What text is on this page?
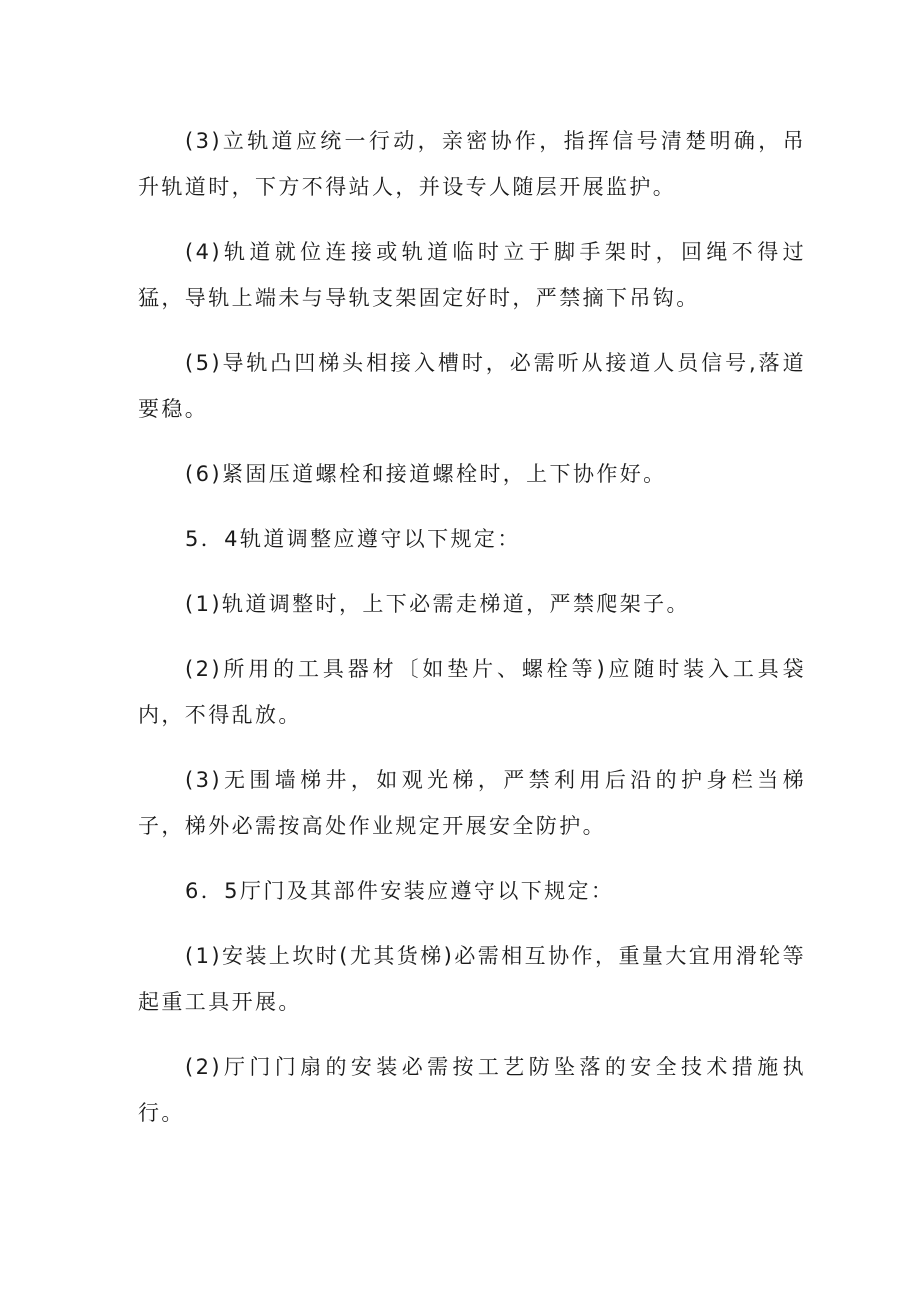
(3)立轨道应统一行动，亲密协作，指挥信号清楚明确，吊升轨道时，下方不得站人，并设专人随层开展监护。

(4)轨道就位连接或轨道临时立于脚手架时，回绳不得过猛，导轨上端未与导轨支架固定好时，严禁摘下吊钩。

(5)导轨凸凹梯头相接入槽时，必需听从接道人员信号,落道要稳。

(6)紧固压道螺栓和接道螺栓时，上下协作好。

5．4轨道调整应遵守以下规定：

(1)轨道调整时，上下必需走梯道，严禁爬架子。

(2)所用的工具器材〔如垫片、螺栓等)应随时装入工具袋内，不得乱放。

(3)无围墙梯井，如观光梯，严禁利用后沿的护身栏当梯子，梯外必需按高处作业规定开展安全防护。

6．5厅门及其部件安装应遵守以下规定：

(1)安装上坎时(尤其货梯)必需相互协作，重量大宜用滑轮等起重工具开展。

(2)厅门门扇的安装必需按工艺防坠落的安全技术措施执行。
